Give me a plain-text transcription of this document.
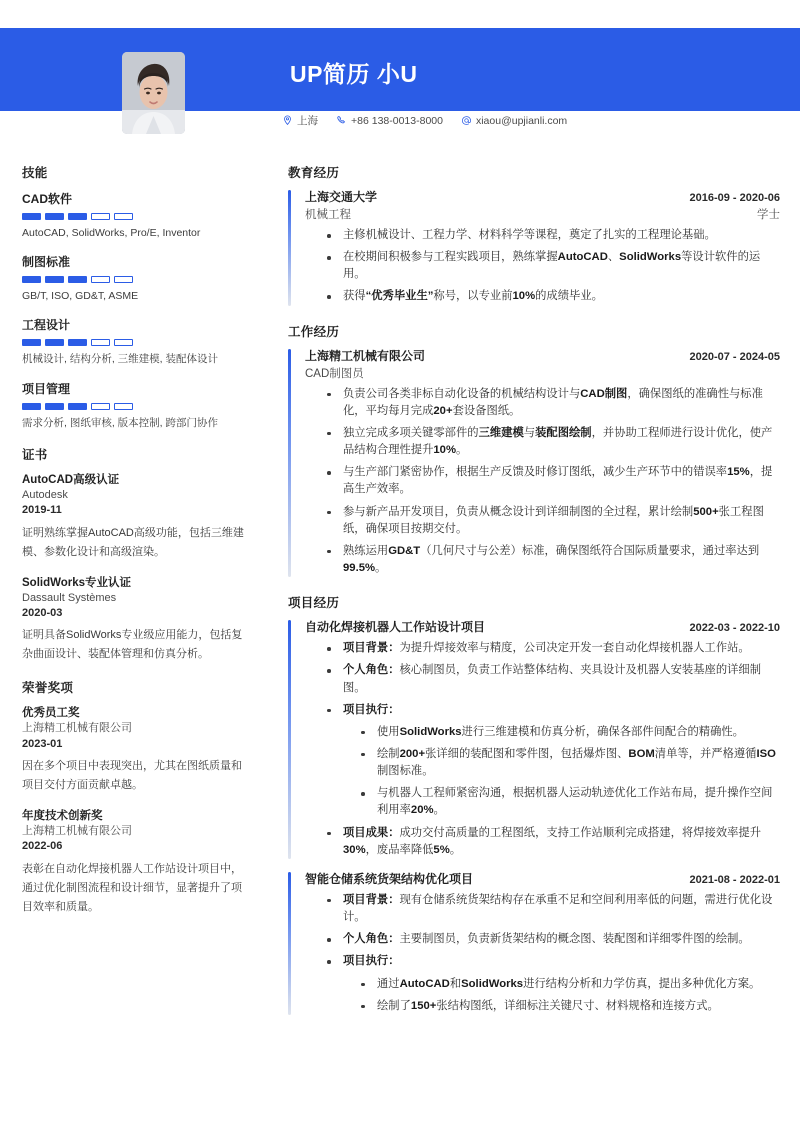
UP简历 小U
上海	+86 138-0013-8000	xiaou@upjianli.com
技能
CAD软件
AutoCAD, SolidWorks, Pro/E, Inventor
制图标准
GB/T, ISO, GD&T, ASME
工程设计
机械设计, 结构分析, 三维建模, 装配体设计
项目管理
需求分析, 图纸审核, 版本控制, 跨部门协作
证书
AutoCAD高级认证
Autodesk
2019-11
证明熟练掌握AutoCAD高级功能，包括三维建模、参数化设计和高级渲染。
SolidWorks专业认证
Dassault Systèmes
2020-03
证明具备SolidWorks专业级应用能力，包括复杂曲面设计、装配体管理和仿真分析。
荣誉奖项
优秀员工奖
上海精工机械有限公司
2023-01
因在多个项目中表现突出，尤其在图纸质量和项目交付方面贡献卓越。
年度技术创新奖
上海精工机械有限公司
2022-06
表彰在自动化焊接机器人工作站设计项目中，通过优化制图流程和设计细节，显著提升了项目效率和质量。
教育经历
上海交通大学	2016-09 - 2020-06
机械工程	学士
主修机械设计、工程力学、材料科学等课程，奠定了扎实的工程理论基础。
在校期间积极参与工程实践项目，熟练掌握AutoCAD、SolidWorks等设计软件的运用。
获得“优秀毕业生”称号，以专业前10%的成绩毕业。
工作经历
上海精工机械有限公司	2020-07 - 2024-05
CAD制图员
负责公司各类非标自动化设备的机械结构设计与CAD制图，确保图纸的准确性与标准化，平均每月完成20+套设备图纸。
独立完成多项关键零部件的三维建模与装配图绘制，并协助工程师进行设计优化，使产品结构合理性提升10%。
与生产部门紧密协作，根据生产反馈及时修订图纸，减少生产环节中的错误率15%，提高生产效率。
参与新产品开发项目，负责从概念设计到详细制图的全过程，累计绘制500+张工程图纸，确保项目按期交付。
熟练运用GD&T（几何尺寸与公差）标准，确保图纸符合国际质量要求，通过率达到99.5%。
项目经历
自动化焊接机器人工作站设计项目	2022-03 - 2022-10
项目背景：为提升焊接效率与精度，公司决定开发一套自动化焊接机器人工作站。
个人角色：核心制图员，负责工作站整体结构、夹具设计及机器人安装基座的详细制图。
项目执行：
使用SolidWorks进行三维建模和仿真分析，确保各部件间配合的精确性。
绘制200+张详细的装配图和零件图，包括爆炸图、BOM清单等，并严格遵循ISO制图标准。
与机器人工程师紧密沟通，根据机器人运动轨迹优化工作站布局，提升操作空间利用率20%。
项目成果：成功交付高质量的工程图纸，支持工作站顺利完成搭建，将焊接效率提升30%，废品率降低5%。
智能仓储系统货架结构优化项目	2021-08 - 2022-01
项目背景：现有仓储系统货架结构存在承重不足和空间利用率低的问题，需进行优化设计。
个人角色：主要制图员，负责新货架结构的概念图、装配图和详细零件图的绘制。
项目执行：
通过AutoCAD和SolidWorks进行结构分析和力学仿真，提出多种优化方案。
绘制了150+张结构图纸，详细标注关键尺寸、材料规格和连接方式。
